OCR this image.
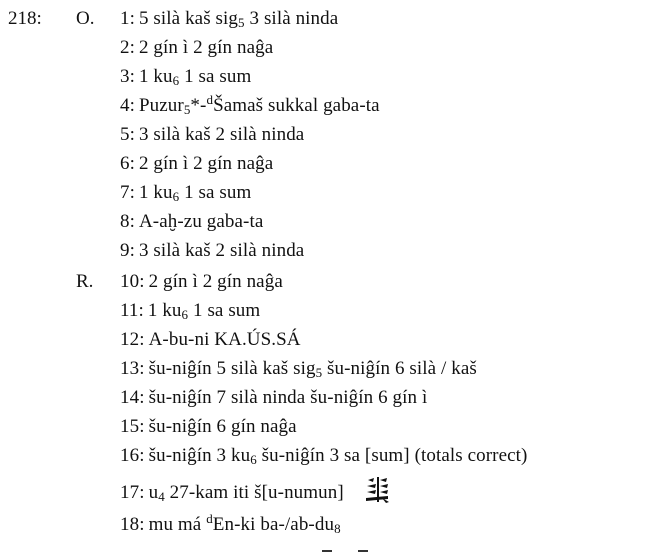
218: O.
R.
1: 5 silà kaš sig$_5$ 3 silà ninda
2: 2 gín ì 2 gín naĝa
3: 1 $ku_6$ 1 sa sum
4: Puzur$_5$*-$^d$Šamaš sukkal gaba-ta
5: 3 silà kaš 2 silà ninda
6: 2 gín ì 2 gín naĝa
7: 1 $ku_6$ 1 sa sum
8: A-aḫ-zu gaba-ta
9: 3 silà kaš 2 silà ninda
10: 2 gín ì 2 gín naĝa
11: 1 $ku_6$ 1 sa sum
12: A-bu-ni KA.ÚS.SÁ
13: šu-niĝín 5 silà kaš sig$_5$ šu-niĝín 6 silà / kaš
14: šu-niĝín 7 silà ninda šu-niĝín 6 gín ì
15: šu-niĝín 6 gín naĝa
16: šu-niĝín 3 $ku_6$ šu-niĝín 3 sa [sum] (totals correct)
17: $u_4$ 27-kam iti š[u-numun]
18: mu má $^d$En-ki $ba-/ab-du_8$
